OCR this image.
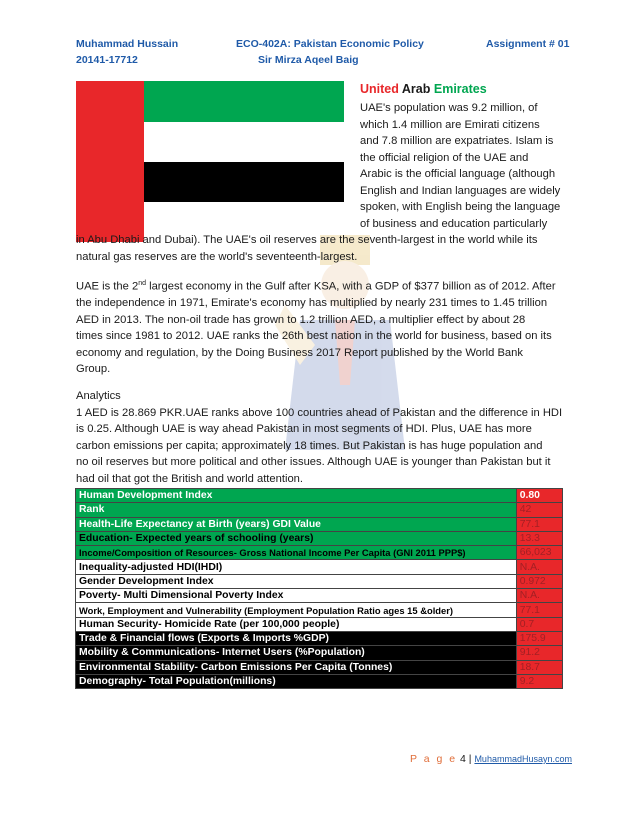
Muhammad Hussain
20141-17712
ECO-402A: Pakistan Economic Policy
Sir Mirza Aqeel Baig
Assignment # 01
United Arab Emirates
UAE's population was 9.2 million, of
which 1.4 million are Emirati citizens
and 7.8 million are expatriates. Islam is
the official religion of the UAE and
Arabic is the official language (although
English and Indian languages are widely
spoken, with English being the language
of business and education particularly
in Abu Dhabi and Dubai). The UAE's oil reserves are the seventh-largest in the world while its
natural gas reserves are the world's seventeenth-largest.
UAE is the 2nd largest economy in the Gulf after KSA, with a GDP of $377 billion as of 2012. After
the independence in 1971, Emirate's economy has multiplied by nearly 231 times to 1.45 trillion
AED in 2013. The non-oil trade has grown to 1.2 trillion AED, a multiplier effect by about 28
times since 1981 to 2012. UAE ranks the 26th best nation in the world for business, based on its
economy and regulation, by the Doing Business 2017 Report published by the World Bank
Group.
Analytics
1 AED is 28.869 PKR.UAE ranks above 100 countries ahead of Pakistan and the difference in HDI
is 0.25. Although UAE is way ahead Pakistan in most segments of HDI. Plus, UAE has more
carbon emissions per capita; approximately 18 times. But Pakistan is has huge population and
no oil reserves but more political and other issues. Although UAE is younger than Pakistan but it
had oil that got the British and world attention.
Human Development Index	0.80
Rank	42
Health-Life Expectancy at Birth (years) GDI Value	77.1
Education- Expected years of schooling (years)	13.3
Income/Composition of Resources- Gross National Income Per Capita (GNI 2011 PPP$)	66,023
Inequality-adjusted HDI(IHDI)	N.A.
Gender Development Index	0.972
Poverty- Multi Dimensional Poverty Index	N.A.
Work, Employment and Vulnerability (Employment Population Ratio ages 15 &older)	77.1
Human Security- Homicide Rate (per 100,000 people)	0.7
Trade & Financial flows (Exports & Imports %GDP)	175.9
Mobility & Communications- Internet Users (%Population)	91.2
Environmental Stability- Carbon Emissions Per Capita (Tonnes)	18.7
Demography- Total Population(millions)	9.2
P a g e 4 | MuhammadHusayn.com
